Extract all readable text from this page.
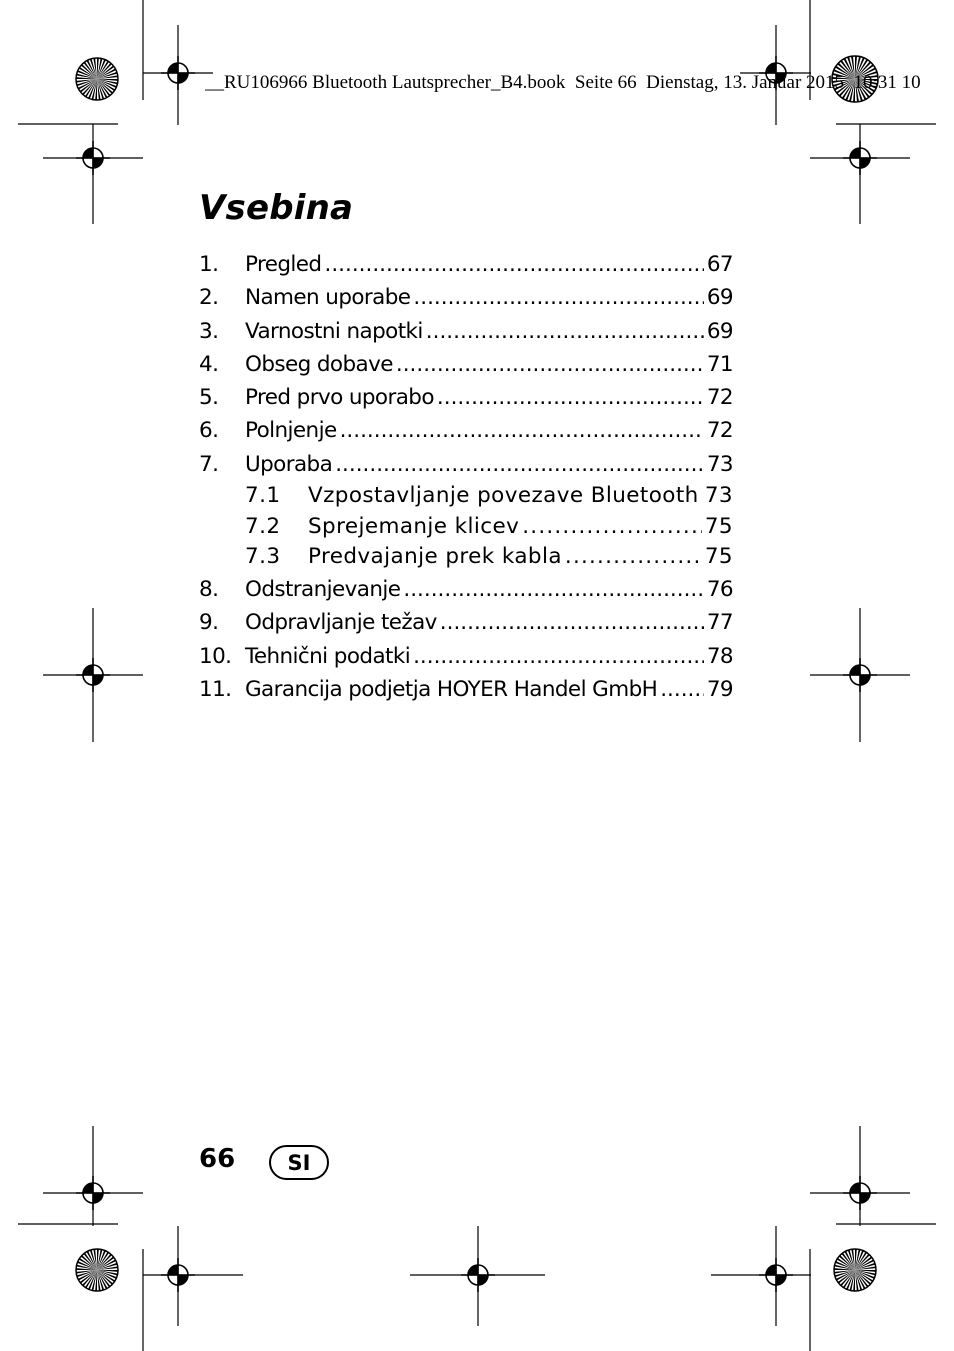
__RU106966 Bluetooth Lautsprecher_B4.book  Seite 66  Dienstag, 13. Januar 2015  10:31 10
Vsebina
1.	Pregled .....	67
2.	Namen uporabe .....	69
3.	Varnostni napotki .....	69
4.	Obseg dobave .....	71
5.	Pred prvo uporabo .....	72
6.	Polnjenje .....	72
7.	Uporaba .....	73
7.1	Vzpostavljanje povezave Bluetooth ..... 73
7.2	Sprejemanje klicev .....	75
7.3	Predvajanje prek kabla .....	75
8.	Odstranjevanje .....	76
9.	Odpravljanje težav .....	77
10. Tehnični podatki .....	78
11. Garancija podjetja HOYER Handel GmbH ..... 79
66	SI
